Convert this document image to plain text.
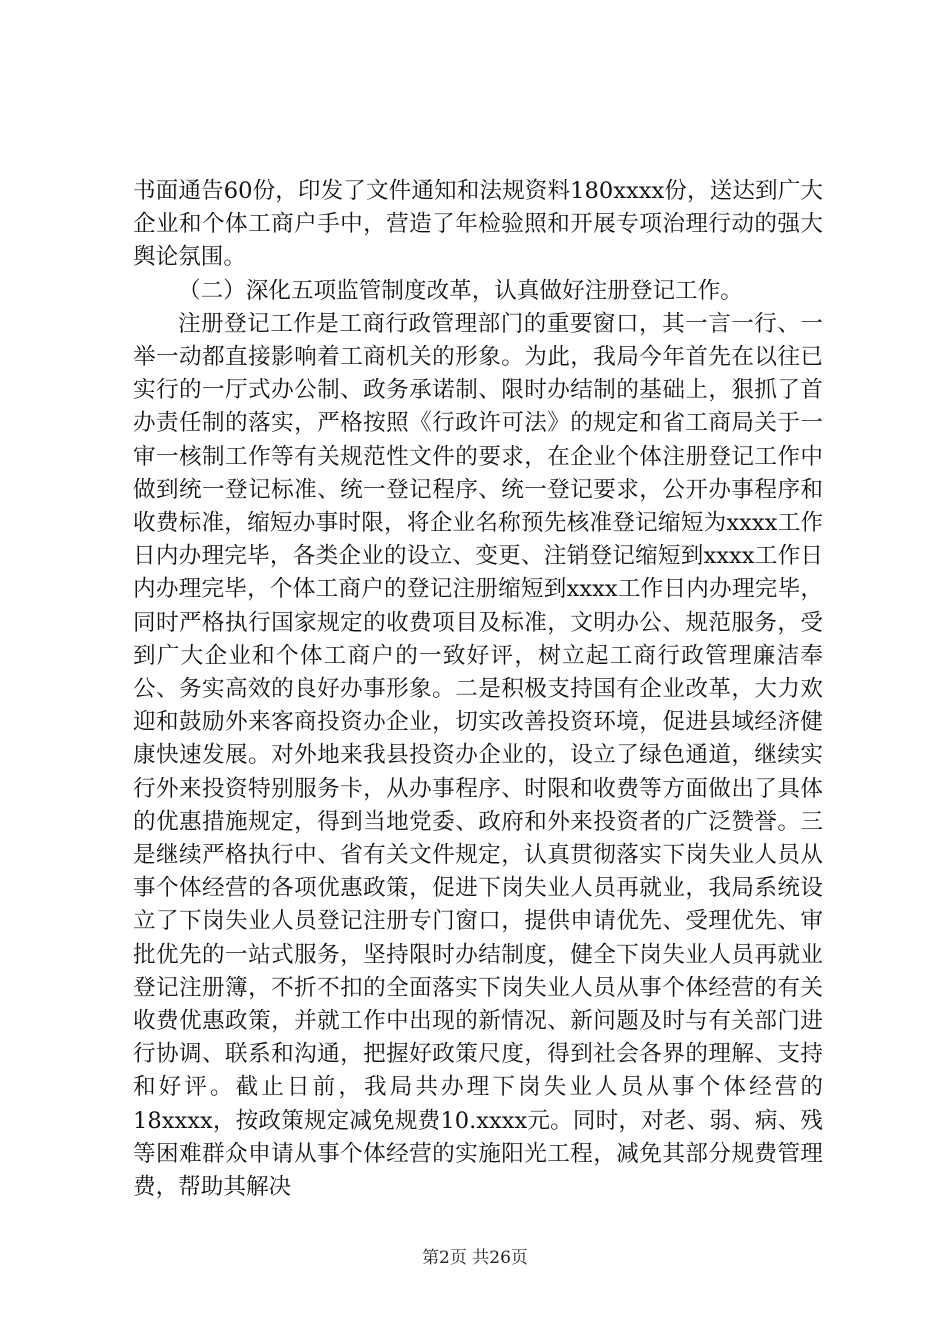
书面通告60份，印发了文件通知和法规资料180xxxx份，送达到广大企业和个体工商户手中，营造了年检验照和开展专项治理行动的强大舆论氛围。

（二）深化五项监管制度改革，认真做好注册登记工作。

注册登记工作是工商行政管理部门的重要窗口，其一言一行、一举一动都直接影响着工商机关的形象。为此，我局今年首先在以往已实行的一厅式办公制、政务承诺制、限时办结制的基础上，狠抓了首办责任制的落实，严格按照《行政许可法》的规定和省工商局关于一审一核制工作等有关规范性文件的要求，在企业个体注册登记工作中做到统一登记标准、统一登记程序、统一登记要求，公开办事程序和收费标准，缩短办事时限，将企业名称预先核准登记缩短为xxxx工作日内办理完毕，各类企业的设立、变更、注销登记缩短到xxxx工作日内办理完毕，个体工商户的登记注册缩短到xxxx工作日内办理完毕，同时严格执行国家规定的收费项目及标准，文明办公、规范服务，受到广大企业和个体工商户的一致好评，树立起工商行政管理廉洁奉公、务实高效的良好办事形象。二是积极支持国有企业改革，大力欢迎和鼓励外来客商投资办企业，切实改善投资环境，促进县域经济健康快速发展。对外地来我县投资办企业的，设立了绿色通道，继续实行外来投资特别服务卡，从办事程序、时限和收费等方面做出了具体的优惠措施规定，得到当地党委、政府和外来投资者的广泛赞誉。三是继续严格执行中、省有关文件规定，认真贯彻落实下岗失业人员从事个体经营的各项优惠政策，促进下岗失业人员再就业，我局系统设立了下岗失业人员登记注册专门窗口，提供申请优先、受理优先、审批优先的一站式服务，坚持限时办结制度，健全下岗失业人员再就业登记注册簿，不折不扣的全面落实下岗失业人员从事个体经营的有关收费优惠政策，并就工作中出现的新情况、新问题及时与有关部门进行协调、联系和沟通，把握好政策尺度，得到社会各界的理解、支持和好评。截止日前，我局共办理下岗失业人员从事个体经营的18xxxx，按政策规定减免规费10.xxxx元。同时，对老、弱、病、残等困难群众申请从事个体经营的实施阳光工程，减免其部分规费管理费，帮助其解决

第2页 共26页
